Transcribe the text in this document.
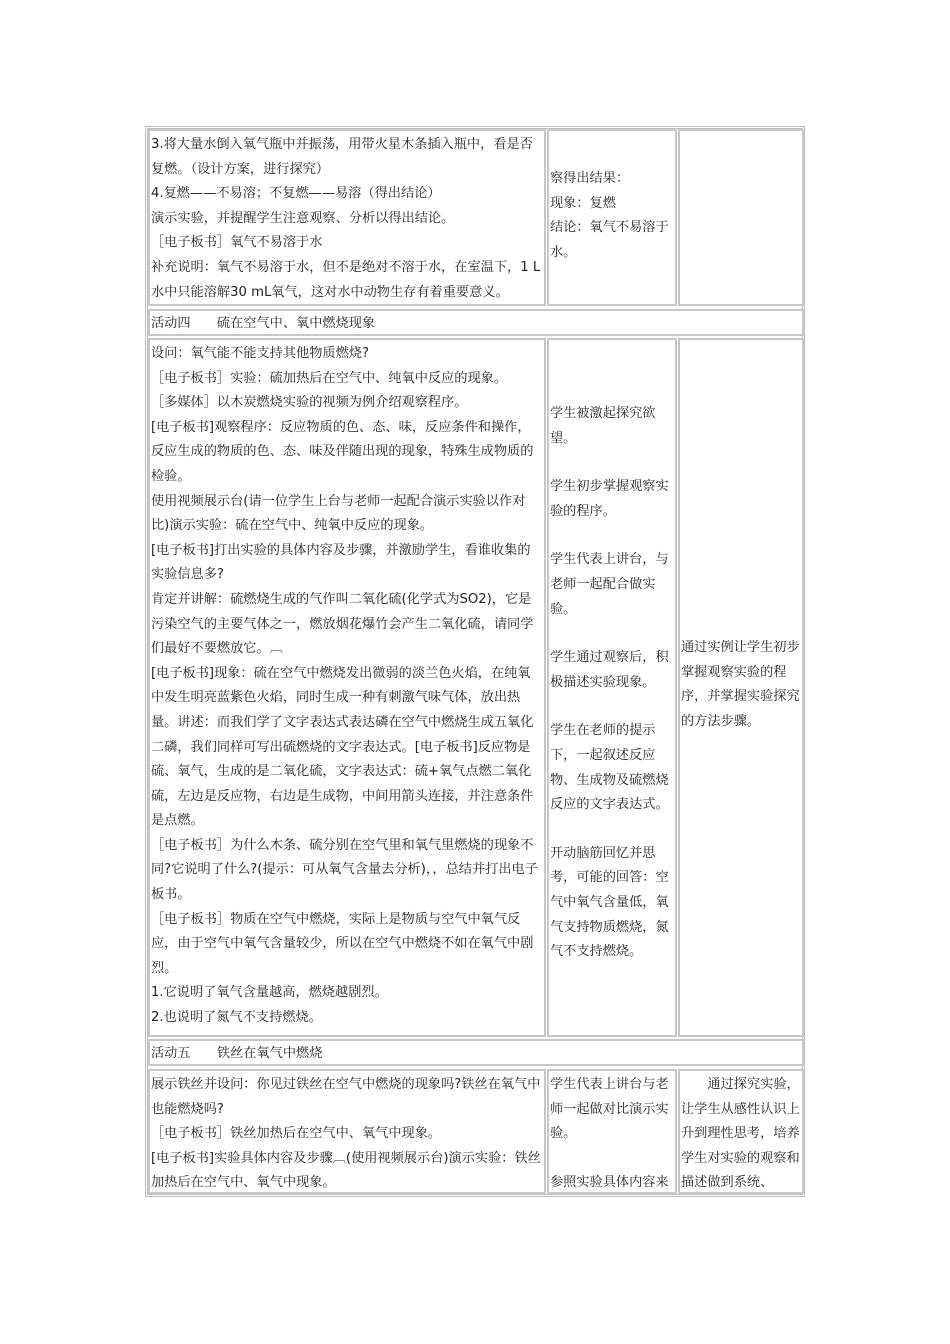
3.将大量水倒入氧气瓶中并振荡，用带火星木条插入瓶中，看是否复燃。（设计方案，进行探究）

4.复燃——不易溶；不复燃——易溶（得出结论）

演示实验，并提醒学生注意观察、分析以得出结论。

［电子板书］氧气不易溶于水

补充说明：氧气不易溶于水，但不是绝对不溶于水，在室温下，1 L水中只能溶解30 mL氧气，这对水中动物生存有着重要意义。

察得出结果：

现象：复燃

结论：氧气不易溶于水。

活动四　　硫在空气中、氧中燃烧现象

设问：氧气能不能支持其他物质燃烧?

［电子板书］实验：硫加热后在空气中、纯氧中反应的现象。

［多媒体］以木炭燃烧实验的视频为例介绍观察程序。

[电子板书]观察程序：反应物质的色、态、味，反应条件和操作，反应生成的物质的色、态、味及伴随出现的现象，特殊生成物质的检验。

使用视频展示台(请一位学生上台与老师一起配合演示实验以作对比)演示实验：硫在空气中、纯氧中反应的现象。

[电子板书]打出实验的具体内容及步骤，并激励学生，看谁收集的实验信息多?

肯定并讲解：硫燃烧生成的气作叫二氧化硫(化学式为SO2)，它是污染空气的主要气体之一，燃放烟花爆竹会产生二氧化硫，请同学们最好不要燃放它。︹

[电子板书]现象：硫在空气中燃烧发出微弱的淡兰色火焰，在纯氧中发生明亮蓝紫色火焰，同时生成一种有刺激气味气体，放出热量。讲述：而我们学了文字表达式表达磷在空气中燃烧生成五氧化二磷，我们同样可写出硫燃烧的文字表达式。[电子板书]反应物是硫、氧气，生成的是二氧化硫，文字表达式：硫+氧气点燃二氧化硫，左边是反应物，右边是生成物，中间用箭头连接，并注意条件是点燃。

［电子板书］为什么木条、硫分别在空气里和氧气里燃烧的现象不同?它说明了什么?(提示：可从氧气含量去分析)，，总结并打出电子板书。

［电子板书］物质在空气中燃烧，实际上是物质与空气中氧气反应，由于空气中氧气含量较少，所以在空气中燃烧不如在氧气中剧烈。

1.它说明了氧气含量越高，燃烧越剧烈。

2.也说明了氮气不支持燃烧。

学生被激起探究欲望。

学生初步掌握观察实验的程序。

学生代表上讲台，与老师一起配合做实验。

学生通过观察后，积极描述实验现象。

学生在老师的提示下，一起叙述反应物、生成物及硫燃烧反应的文字表达式。

开动脑筋回忆并思考，可能的回答：空气中氧气含量低，氧气支持物质燃烧，氮气不支持燃烧。

通过实例让学生初步掌握观察实验的程序，并掌握实验探究的方法步骤。

活动五　　铁丝在氧气中燃烧

展示铁丝并设问：你见过铁丝在空气中燃烧的现象吗?铁丝在氧气中也能燃烧吗?

［电子板书］铁丝加热后在空气中、氧气中现象。

[电子板书]实验具体内容及步骤︹(使用视频展示台)演示实验：铁丝加热后在空气中、氧气中现象。

学生代表上讲台与老师一起做对比演示实验。

参照实验具体内容来

通过探究实验，让学生从感性认识上升到理性思考，培养学生对实验的观察和描述做到系统、
